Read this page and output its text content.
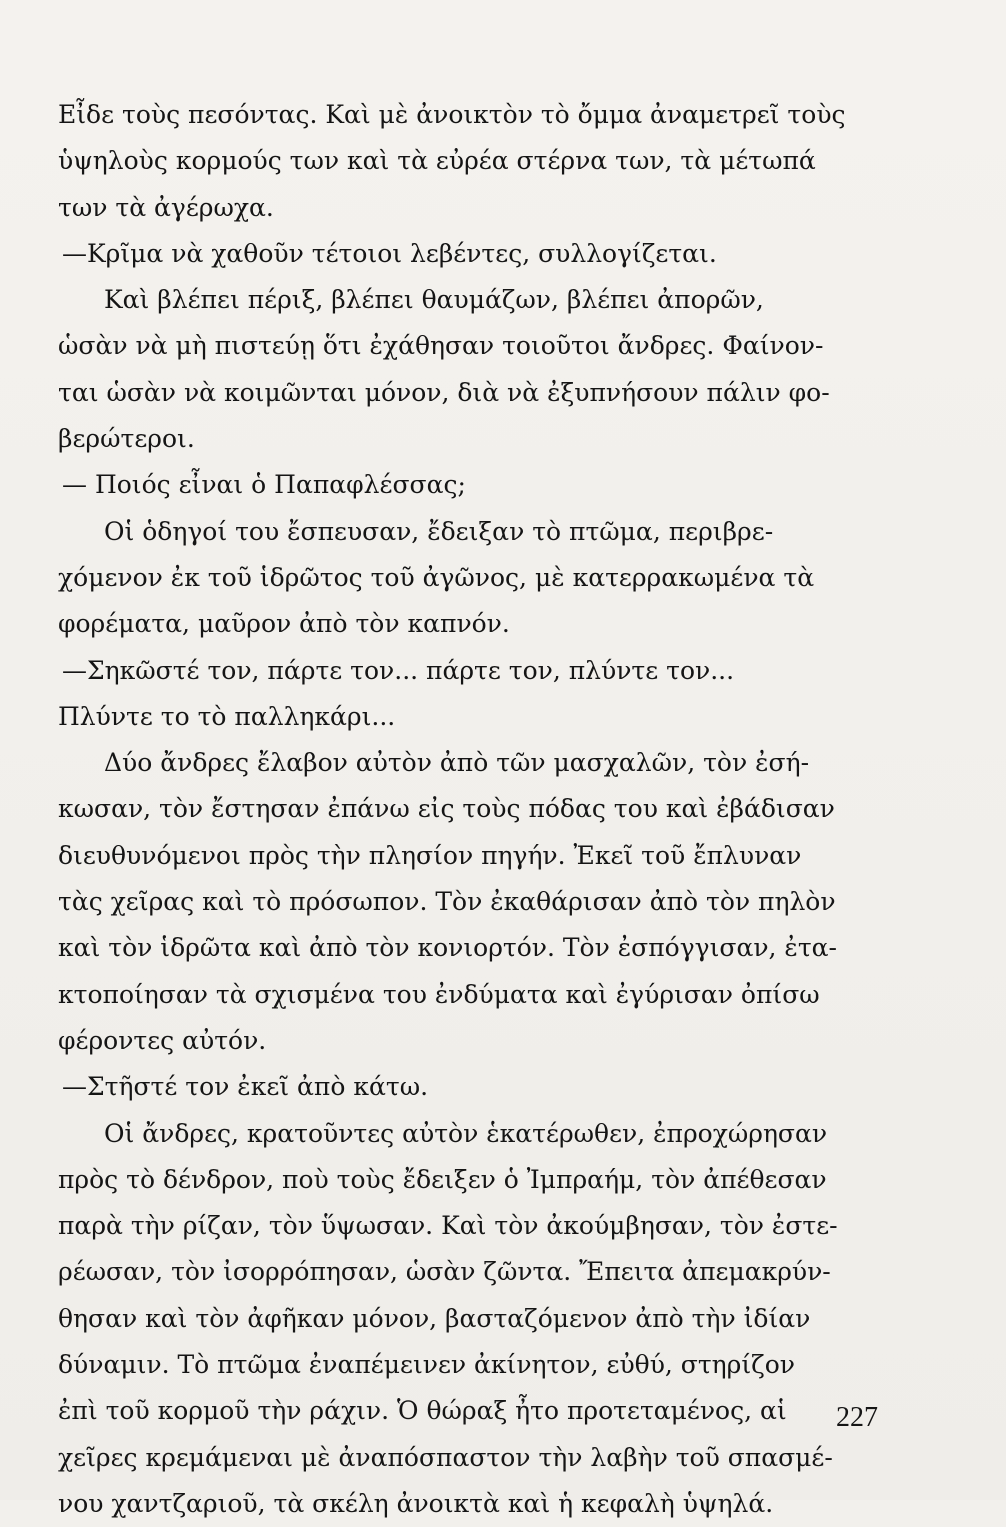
Εἶδε τοὺς πεσόντας. Καὶ μὲ ἀνοικτὸν τὸ ὄμμα ἀναμετρεῖ τοὺς
ὑψηλοὺς κορμούς των καὶ τὰ εὐρέα στέρνα των, τὰ μέτωπά
των τὰ ἀγέρωχα.
—Κρῖμα νὰ χαθοῦν τέτοιοι λεβέντες, συλλογίζεται.
Καὶ βλέπει πέριξ, βλέπει θαυμάζων, βλέπει ἀπορῶν,
ὡσὰν νὰ μὴ πιστεύῃ ὅτι ἐχάθησαν τοιοῦτοι ἄνδρες. Φαίνον-
ται ὡσὰν νὰ κοιμῶνται μόνον, διὰ νὰ ἐξυπνήσουν πάλιν φο-
βερώτεροι.
— Ποιός εἶναι ὁ Παπαφλέσσας;
Οἱ ὁδηγοί του ἔσπευσαν, ἔδειξαν τὸ πτῶμα, περιβρε-
χόμενον ἐκ τοῦ ἱδρῶτος τοῦ ἀγῶνος, μὲ κατερρακωμένα τὰ
φορέματα, μαῦρον ἀπὸ τὸν καπνόν.
—Σηκῶστέ τον, πάρτε τον... πάρτε τον, πλύντε τον...
Πλύντε το τὸ παλληκάρι...
Δύο ἄνδρες ἔλαβον αὐτὸν ἀπὸ τῶν μασχαλῶν, τὸν ἐσή-
κωσαν, τὸν ἔστησαν ἐπάνω εἰς τοὺς πόδας του καὶ ἐβάδισαν
διευθυνόμενοι πρὸς τὴν πλησίον πηγήν. Ἐκεῖ τοῦ ἔπλυναν
τὰς χεῖρας καὶ τὸ πρόσωπον. Τὸν ἐκαθάρισαν ἀπὸ τὸν πηλὸν
καὶ τὸν ἱδρῶτα καὶ ἀπὸ τὸν κονιορτόν. Τὸν ἐσπόγγισαν, ἐτα-
κτοποίησαν τὰ σχισμένα του ἐνδύματα καὶ ἐγύρισαν ὀπίσω
φέροντες αὐτόν.
—Στῆστέ τον ἐκεῖ ἀπὸ κάτω.
Οἱ ἄνδρες, κρατοῦντες αὐτὸν ἑκατέρωθεν, ἐπροχώρησαν
πρὸς τὸ δένδρον, ποὺ τοὺς ἔδειξεν ὁ Ἰμπραήμ, τὸν ἀπέθεσαν
παρὰ τὴν ρίζαν, τὸν ὕψωσαν. Καὶ τὸν ἀκούμβησαν, τὸν ἐστε-
ρέωσαν, τὸν ἰσορρόπησαν, ὡσὰν ζῶντα. Ἔπειτα ἀπεμακρύν-
θησαν καὶ τὸν ἀφῆκαν μόνον, βασταζόμενον ἀπὸ τὴν ἰδίαν
δύναμιν. Τὸ πτῶμα ἐναπέμεινεν ἀκίνητον, εὐθύ, στηρίζον
ἐπὶ τοῦ κορμοῦ τὴν ράχιν. Ὁ θώραξ ἦτο προτεταμένος, αἱ
χεῖρες κρεμάμεναι μὲ ἀναπόσπαστον τὴν λαβὴν τοῦ σπασμέ-
νου χαντζαριοῦ, τὰ σκέλη ἀνοικτὰ καὶ ἡ κεφαλὴ ὑψηλά.
227
